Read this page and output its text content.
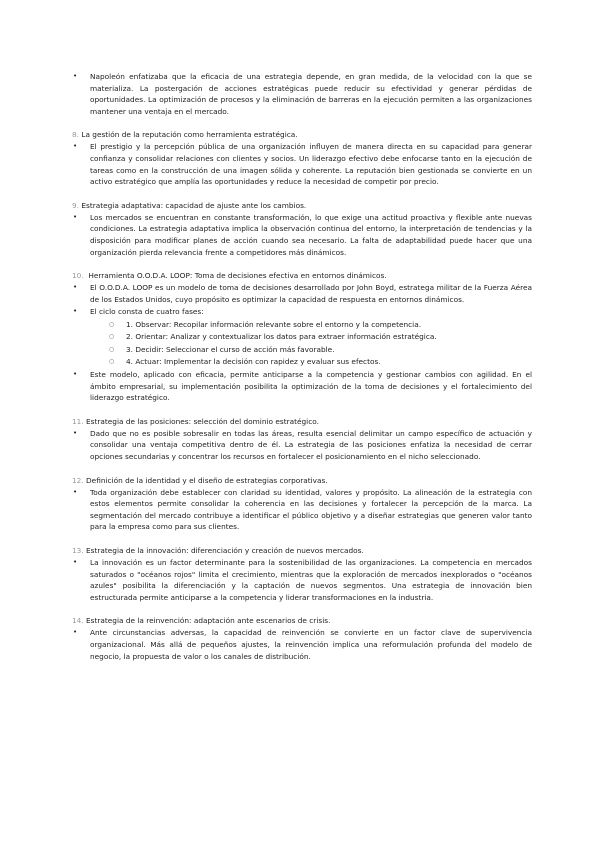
• Napoleón enfatizaba que la eficacia de una estrategia depende, en gran medida, de la velocidad con la que se materializa. La postergación de acciones estratégicas puede reducir su efectividad y generar pérdidas de oportunidades. La optimización de procesos y la eliminación de barreras en la ejecución permiten a las organizaciones mantener una ventaja en el mercado.
8. La gestión de la reputación como herramienta estratégica.
• El prestigio y la percepción pública de una organización influyen de manera directa en su capacidad para generar confianza y consolidar relaciones con clientes y socios. Un liderazgo efectivo debe enfocarse tanto en la ejecución de tareas como en la construcción de una imagen sólida y coherente. La reputación bien gestionada se convierte en un activo estratégico que amplía las oportunidades y reduce la necesidad de competir por precio.
9. Estrategia adaptativa: capacidad de ajuste ante los cambios.
• Los mercados se encuentran en constante transformación, lo que exige una actitud proactiva y flexible ante nuevas condiciones. La estrategia adaptativa implica la observación continua del entorno, la interpretación de tendencias y la disposición para modificar planes de acción cuando sea necesario. La falta de adaptabilidad puede hacer que una organización pierda relevancia frente a competidores más dinámicos.
10. Herramienta O.O.D.A. LOOP: Toma de decisiones efectiva en entornos dinámicos.
• El O.O.D.A. LOOP es un modelo de toma de decisiones desarrollado por John Boyd, estratega militar de la Fuerza Aérea de los Estados Unidos, cuyo propósito es optimizar la capacidad de respuesta en entornos dinámicos.
• El ciclo consta de cuatro fases:
○ 1. Observar: Recopilar información relevante sobre el entorno y la competencia.
○ 2. Orientar: Analizar y contextualizar los datos para extraer información estratégica.
○ 3. Decidir: Seleccionar el curso de acción más favorable.
○ 4. Actuar: Implementar la decisión con rapidez y evaluar sus efectos.
• Este modelo, aplicado con eficacia, permite anticiparse a la competencia y gestionar cambios con agilidad. En el ámbito empresarial, su implementación posibilita la optimización de la toma de decisiones y el fortalecimiento del liderazgo estratégico.
11. Estrategia de las posiciones: selección del dominio estratégico.
• Dado que no es posible sobresalir en todas las áreas, resulta esencial delimitar un campo específico de actuación y consolidar una ventaja competitiva dentro de él. La estrategia de las posiciones enfatiza la necesidad de cerrar opciones secundarias y concentrar los recursos en fortalecer el posicionamiento en el nicho seleccionado.
12. Definición de la identidad y el diseño de estrategias corporativas.
• Toda organización debe establecer con claridad su identidad, valores y propósito. La alineación de la estrategia con estos elementos permite consolidar la coherencia en las decisiones y fortalecer la percepción de la marca. La segmentación del mercado contribuye a identificar el público objetivo y a diseñar estrategias que generen valor tanto para la empresa como para sus clientes.
13. Estrategia de la innovación: diferenciación y creación de nuevos mercados.
• La innovación es un factor determinante para la sostenibilidad de las organizaciones. La competencia en mercados saturados o "océanos rojos" limita el crecimiento, mientras que la exploración de mercados inexplorados o "océanos azules" posibilita la diferenciación y la captación de nuevos segmentos. Una estrategia de innovación bien estructurada permite anticiparse a la competencia y liderar transformaciones en la industria.
14. Estrategia de la reinvención: adaptación ante escenarios de crisis.
• Ante circunstancias adversas, la capacidad de reinvención se convierte en un factor clave de supervivencia organizacional. Más allá de pequeños ajustes, la reinvención implica una reformulación profunda del modelo de negocio, la propuesta de valor o los canales de distribución.
